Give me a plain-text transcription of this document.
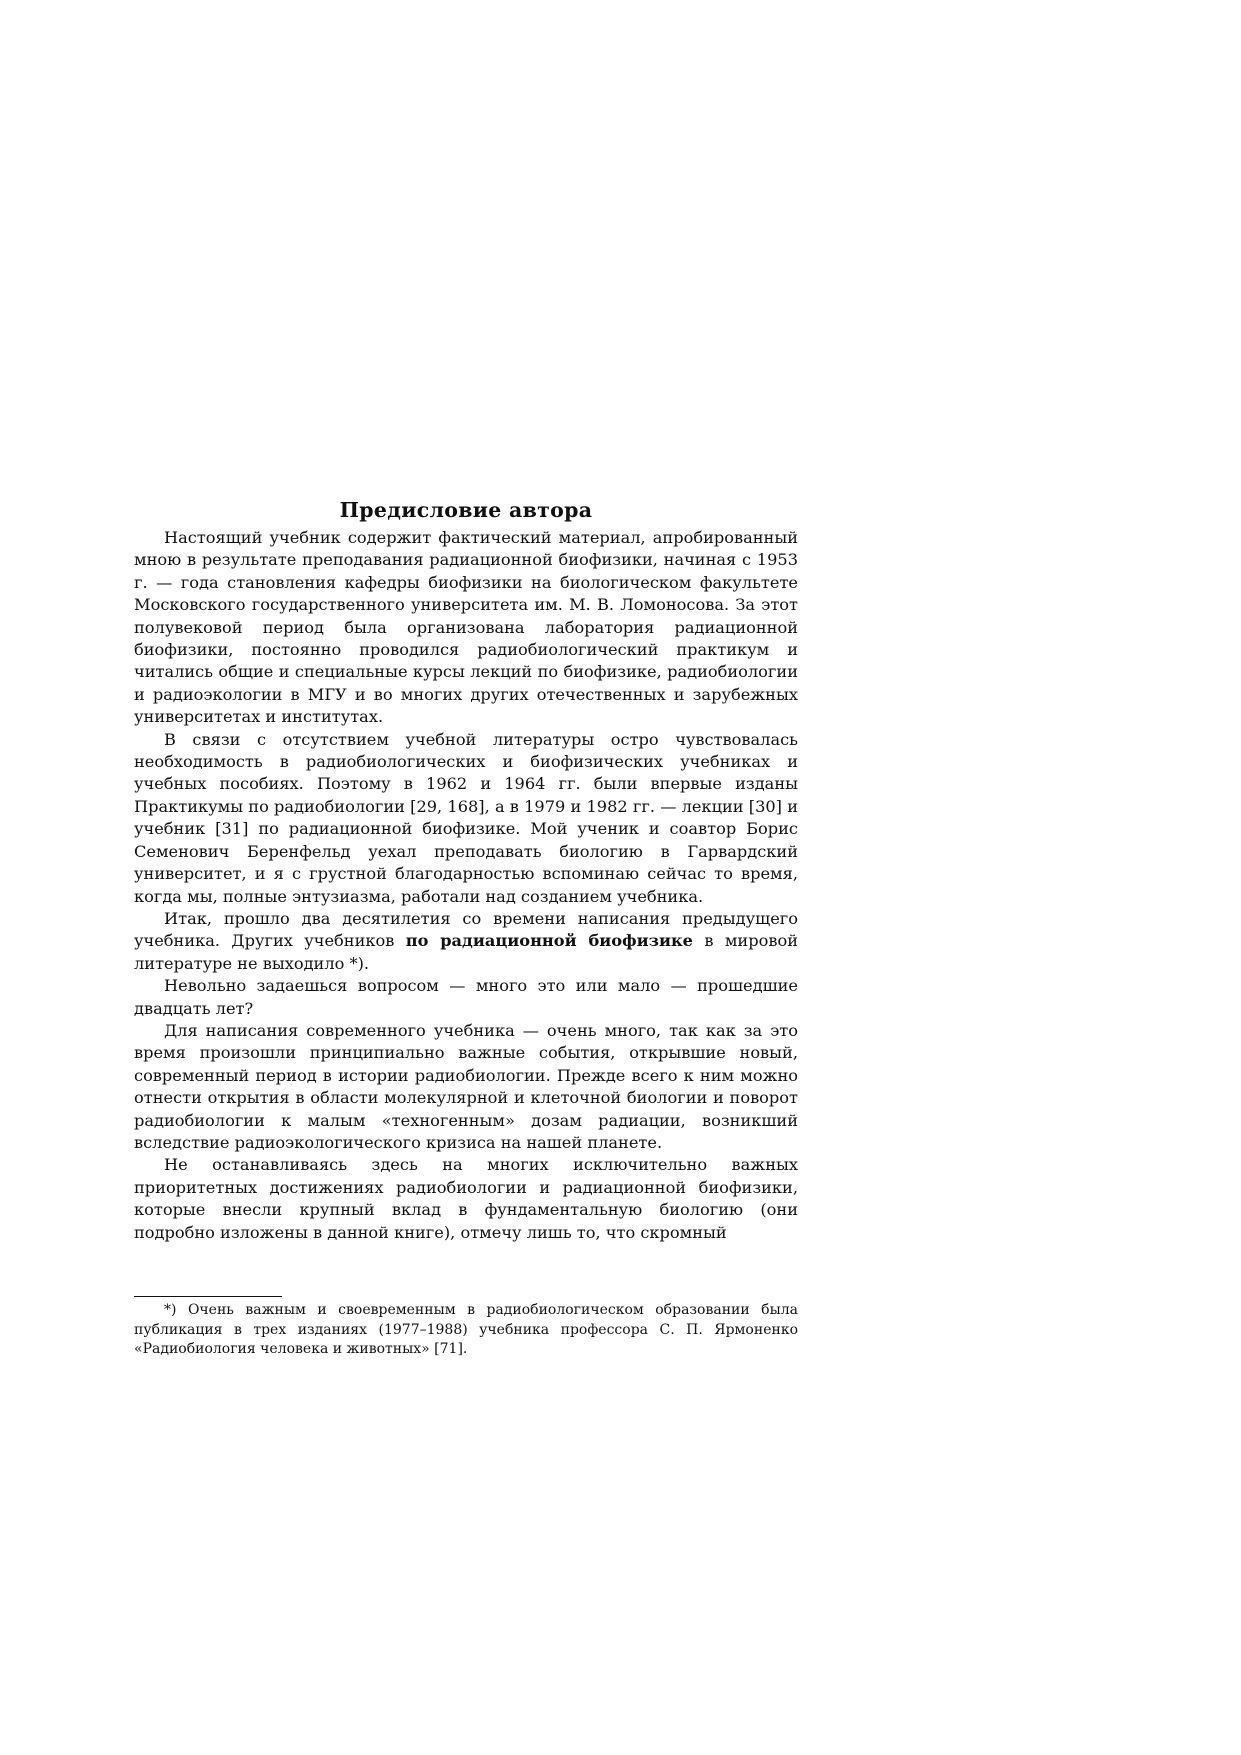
Предисловие автора

Настоящий учебник содержит фактический материал, апробированный мною в результате преподавания радиационной биофизики, начиная с 1953 г. — года становления кафедры биофизики на биологическом факультете Московского государственного университета им. М. В. Ломоносова. За этот полувековой период была организована лаборатория радиационной биофизики, постоянно проводился радиобиологический практикум и читались общие и специальные курсы лекций по биофизике, радиобиологии и радиоэкологии в МГУ и во многих других отечественных и зарубежных университетах и институтах.

В связи с отсутствием учебной литературы остро чувствовалась необходимость в радиобиологических и биофизических учебниках и учебных пособиях. Поэтому в 1962 и 1964 гг. были впервые изданы Практикумы по радиобиологии [29, 168], а в 1979 и 1982 гг. — лекции [30] и учебник [31] по радиационной биофизике. Мой ученик и соавтор Борис Семенович Беренфельд уехал преподавать биологию в Гарвардский университет, и я с грустной благодарностью вспоминаю сейчас то время, когда мы, полные энтузиазма, работали над созданием учебника.

Итак, прошло два десятилетия со времени написания предыдущего учебника. Других учебников по радиационной биофизике в мировой литературе не выходило *).

Невольно задаешься вопросом — много это или мало — прошедшие двадцать лет?

Для написания современного учебника — очень много, так как за это время произошли принципиально важные события, открывшие новый, современный период в истории радиобиологии. Прежде всего к ним можно отнести открытия в области молекулярной и клеточной биологии и поворот радиобиологии к малым «техногенным» дозам радиации, возникший вследствие радиоэкологического кризиса на нашей планете.

Не останавливаясь здесь на многих исключительно важных приоритетных достижениях радиобиологии и радиационной биофизики, которые внесли крупный вклад в фундаментальную биологию (они подробно изложены в данной книге), отмечу лишь то, что скромный

*) Очень важным и своевременным в радиобиологическом образовании была публикация в трех изданиях (1977–1988) учебника профессора С. П. Ярмоненко «Радиобиология человека и животных» [71].
